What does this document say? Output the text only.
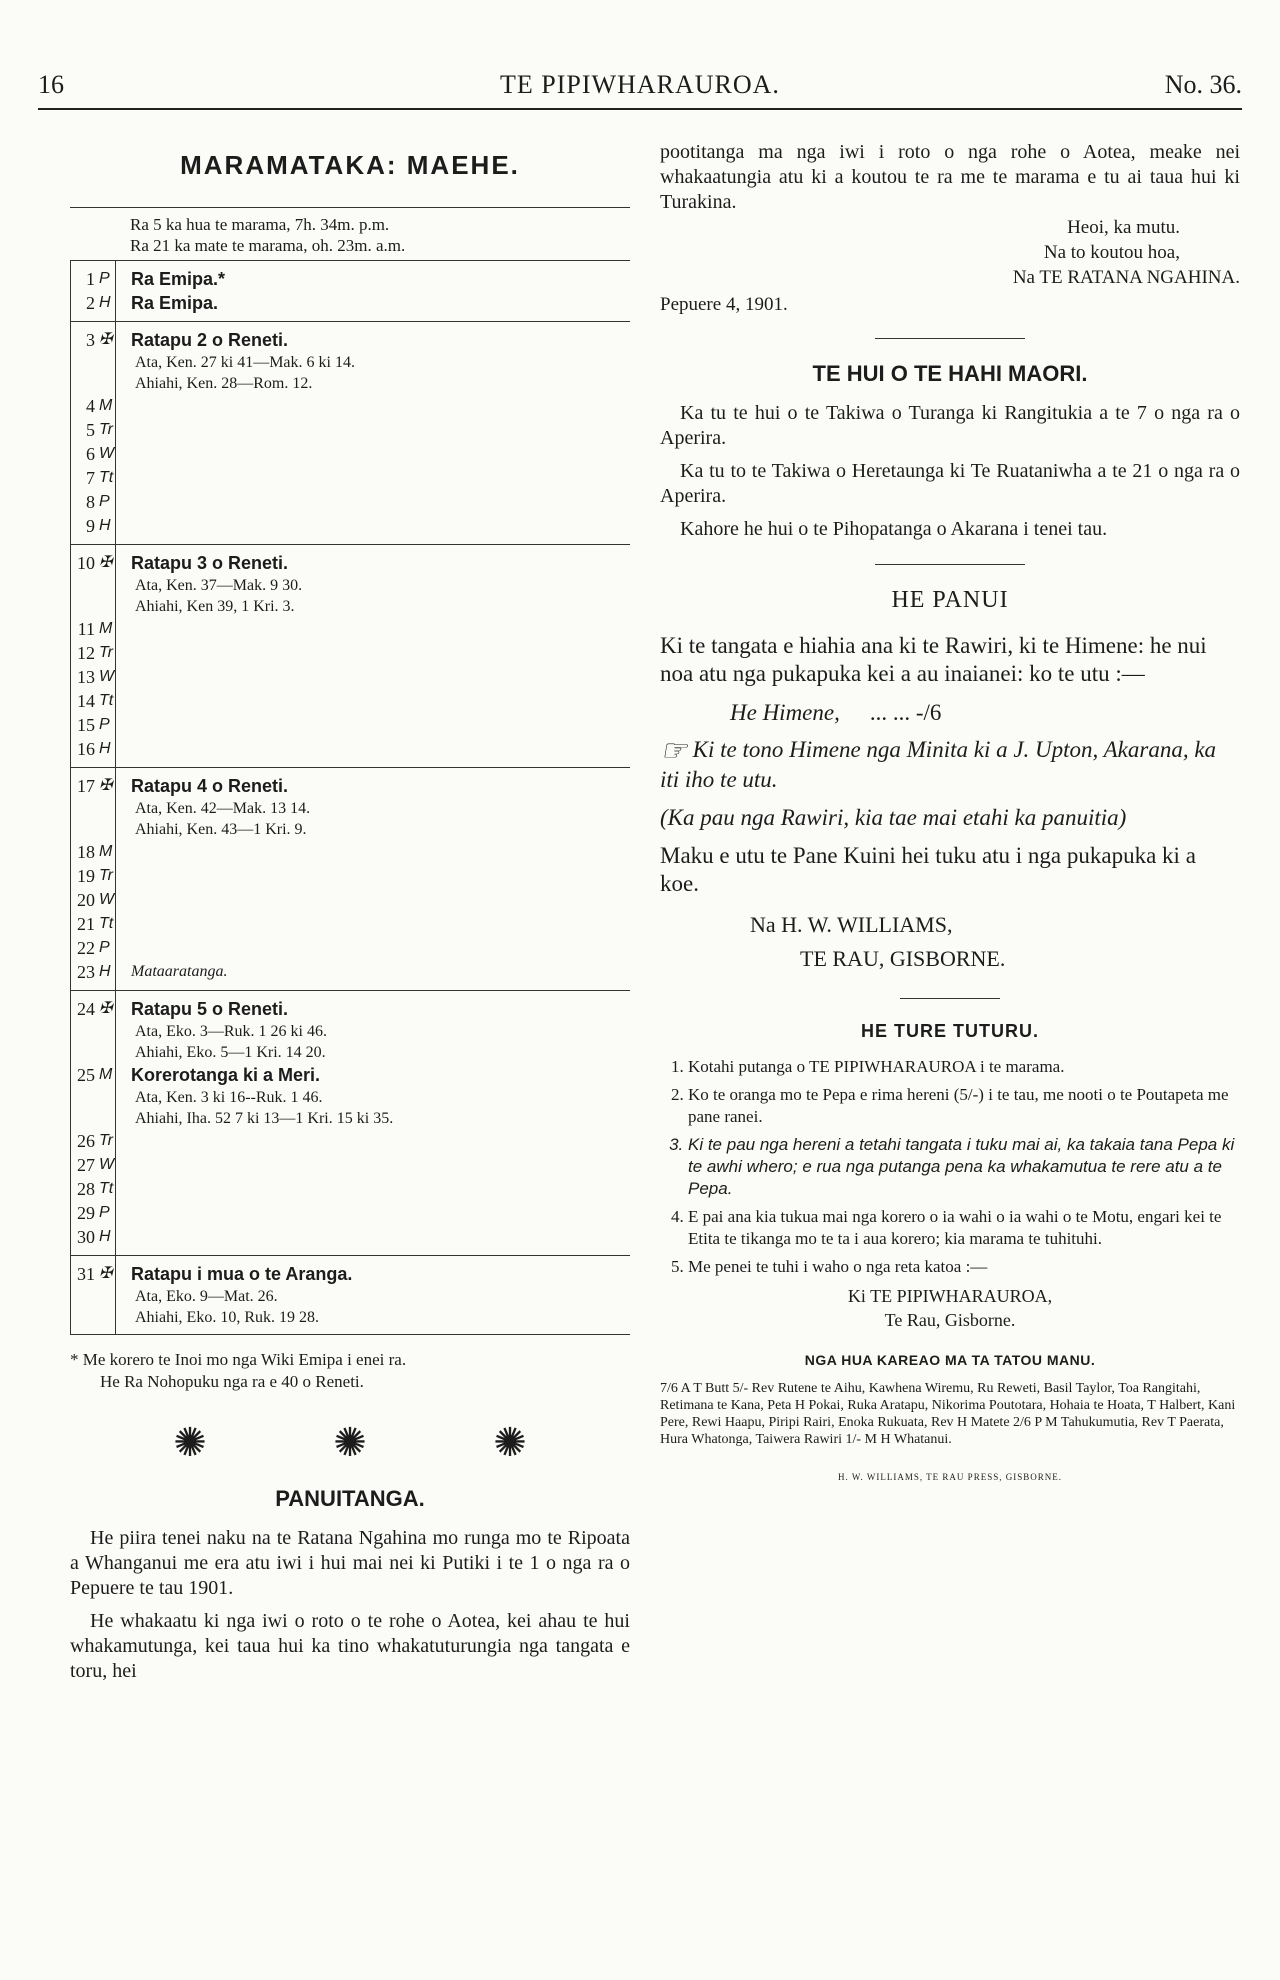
16	TE PIPIWHARAUROA.	No. 36.
MARAMATAKA: MAEHE.
Ra 5 ka hua te marama, 7h. 34m. p.m.
Ra 21 ka mate te marama, oh. 23m. a.m.
1 P	Ra Emipa.*
2 H	Ra Emipa.
3 ✠	Ratapu 2 o Reneti.
Ata, Ken. 27 ki 41—Mak. 6 ki 14.
Ahiahi, Ken. 28—Rom. 12.
4 M
5 Tr
6 W
7 Tt
8 P
9 H
10 ✠	Ratapu 3 o Reneti.
Ata, Ken. 37—Mak. 9 30.
Ahiahi, Ken 39, 1 Kri. 3.
11 M
12 Tr
13 W
14 Tt
15 P
16 H
17 ✠	Ratapu 4 o Reneti.
Ata, Ken. 42—Mak. 13 14.
Ahiahi, Ken. 43—1 Kri. 9.
18 M
19 Tr
20 W
21 Tt
22 P
23 H	Mataaratanga.
24 ✠	Ratapu 5 o Reneti.
Ata, Eko. 3—Ruk. 1 26 ki 46.
Ahiahi, Eko. 5—1 Kri. 14 20.
25 M	Korerotanga ki a Meri.
Ata, Ken. 3 ki 16--Ruk. 1 46.
Ahiahi, Iha. 52 7 ki 13—1 Kri. 15 ki 35.
26 Tr
27 W
28 Tt
29 P
30 H
31 ✠	Ratapu i mua o te Aranga.
Ata, Eko. 9—Mat. 26.
Ahiahi, Eko. 10, Ruk. 19 28.
* Me korero te Inoi mo nga Wiki Emipa i enei ra.
He Ra Nohopuku nga ra e 40 o Reneti.
✺	✺	✺
PANUITANGA.

He piira tenei naku na te Ratana Ngahina mo runga mo te Ripoata a Whanganui me era atu iwi i hui mai nei ki Putiki i te 1 o nga ra o Pepuere te tau 1901.

He whakaatu ki nga iwi o roto o te rohe o Aotea, kei ahau te hui whakamutunga, kei taua hui ka tino whakatuturungia nga tangata e toru, hei

pootitanga ma nga iwi i roto o nga rohe o Aotea, meake nei whakaatungia atu ki a koutou te ra me te marama e tu ai taua hui ki Turakina.

Heoi, ka mutu.
Na to koutou hoa,
Na TE RATANA NGAHINA.
Pepuere 4, 1901.
TE HUI O TE HAHI MAORI.

Ka tu te hui o te Takiwa o Turanga ki Rangitukia a te 7 o nga ra o Aperira.

Ka tu to te Takiwa o Heretaunga ki Te Ruataniwha a te 21 o nga ra o Aperira.

Kahore he hui o te Pihopatanga o Akarana i tenei tau.

HE PANUI

Ki te tangata e hiahia ana ki te Rawiri, ki te Himene: he nui noa atu nga pukapuka kei a au inaianei: ko te utu :—

He Himene, ... ... -/6

☞ Ki te tono Himene nga Minita ki a J. Upton, Akarana, ka iti iho te utu.

(Ka pau nga Rawiri, kia tae mai etahi ka panuitia)

Maku e utu te Pane Kuini hei tuku atu i nga pukapuka ki a koe.

Na H. W. WILLIAMS,
TE RAU, GISBORNE.
HE TURE TUTURU.
1. Kotahi putanga o TE PIPIWHARAUROA i te marama.
2. Ko te oranga mo te Pepa e rima hereni (5/-) i te tau, me nooti o te Poutapeta me pane ranei.
3. Ki te pau nga hereni a tetahi tangata i tuku mai ai, ka takaia tana Pepa ki te awhi whero; e rua nga putanga pena ka whakamutua te rere atu a te Pepa.
4. E pai ana kia tukua mai nga korero o ia wahi o ia wahi o te Motu, engari kei te Etita te tikanga mo te ta i aua korero; kia marama te tuhituhi.
5. Me penei te tuhi i waho o nga reta katoa :—
Ki TE PIPIWHARAUROA,
Te Rau, Gisborne.
NGA HUA KAREAO MA TA TATOU MANU.
7/6 A T Butt 5/- Rev Rutene te Aihu, Kawhena Wiremu, Ru Reweti, Basil Taylor, Toa Rangitahi, Retimana te Kana, Peta H Pokai, Ruka Aratapu, Nikorima Poutotara, Hohaia te Hoata, T Halbert, Kani Pere, Rewi Haapu, Piripi Rairi, Enoka Rukuata, Rev H Matete 2/6 P M Tahukumutia, Rev T Paerata, Hura Whatonga, Taiwera Rawiri 1/- M H Whatanui.
H. W. WILLIAMS, TE RAU PRESS, GISBORNE.
